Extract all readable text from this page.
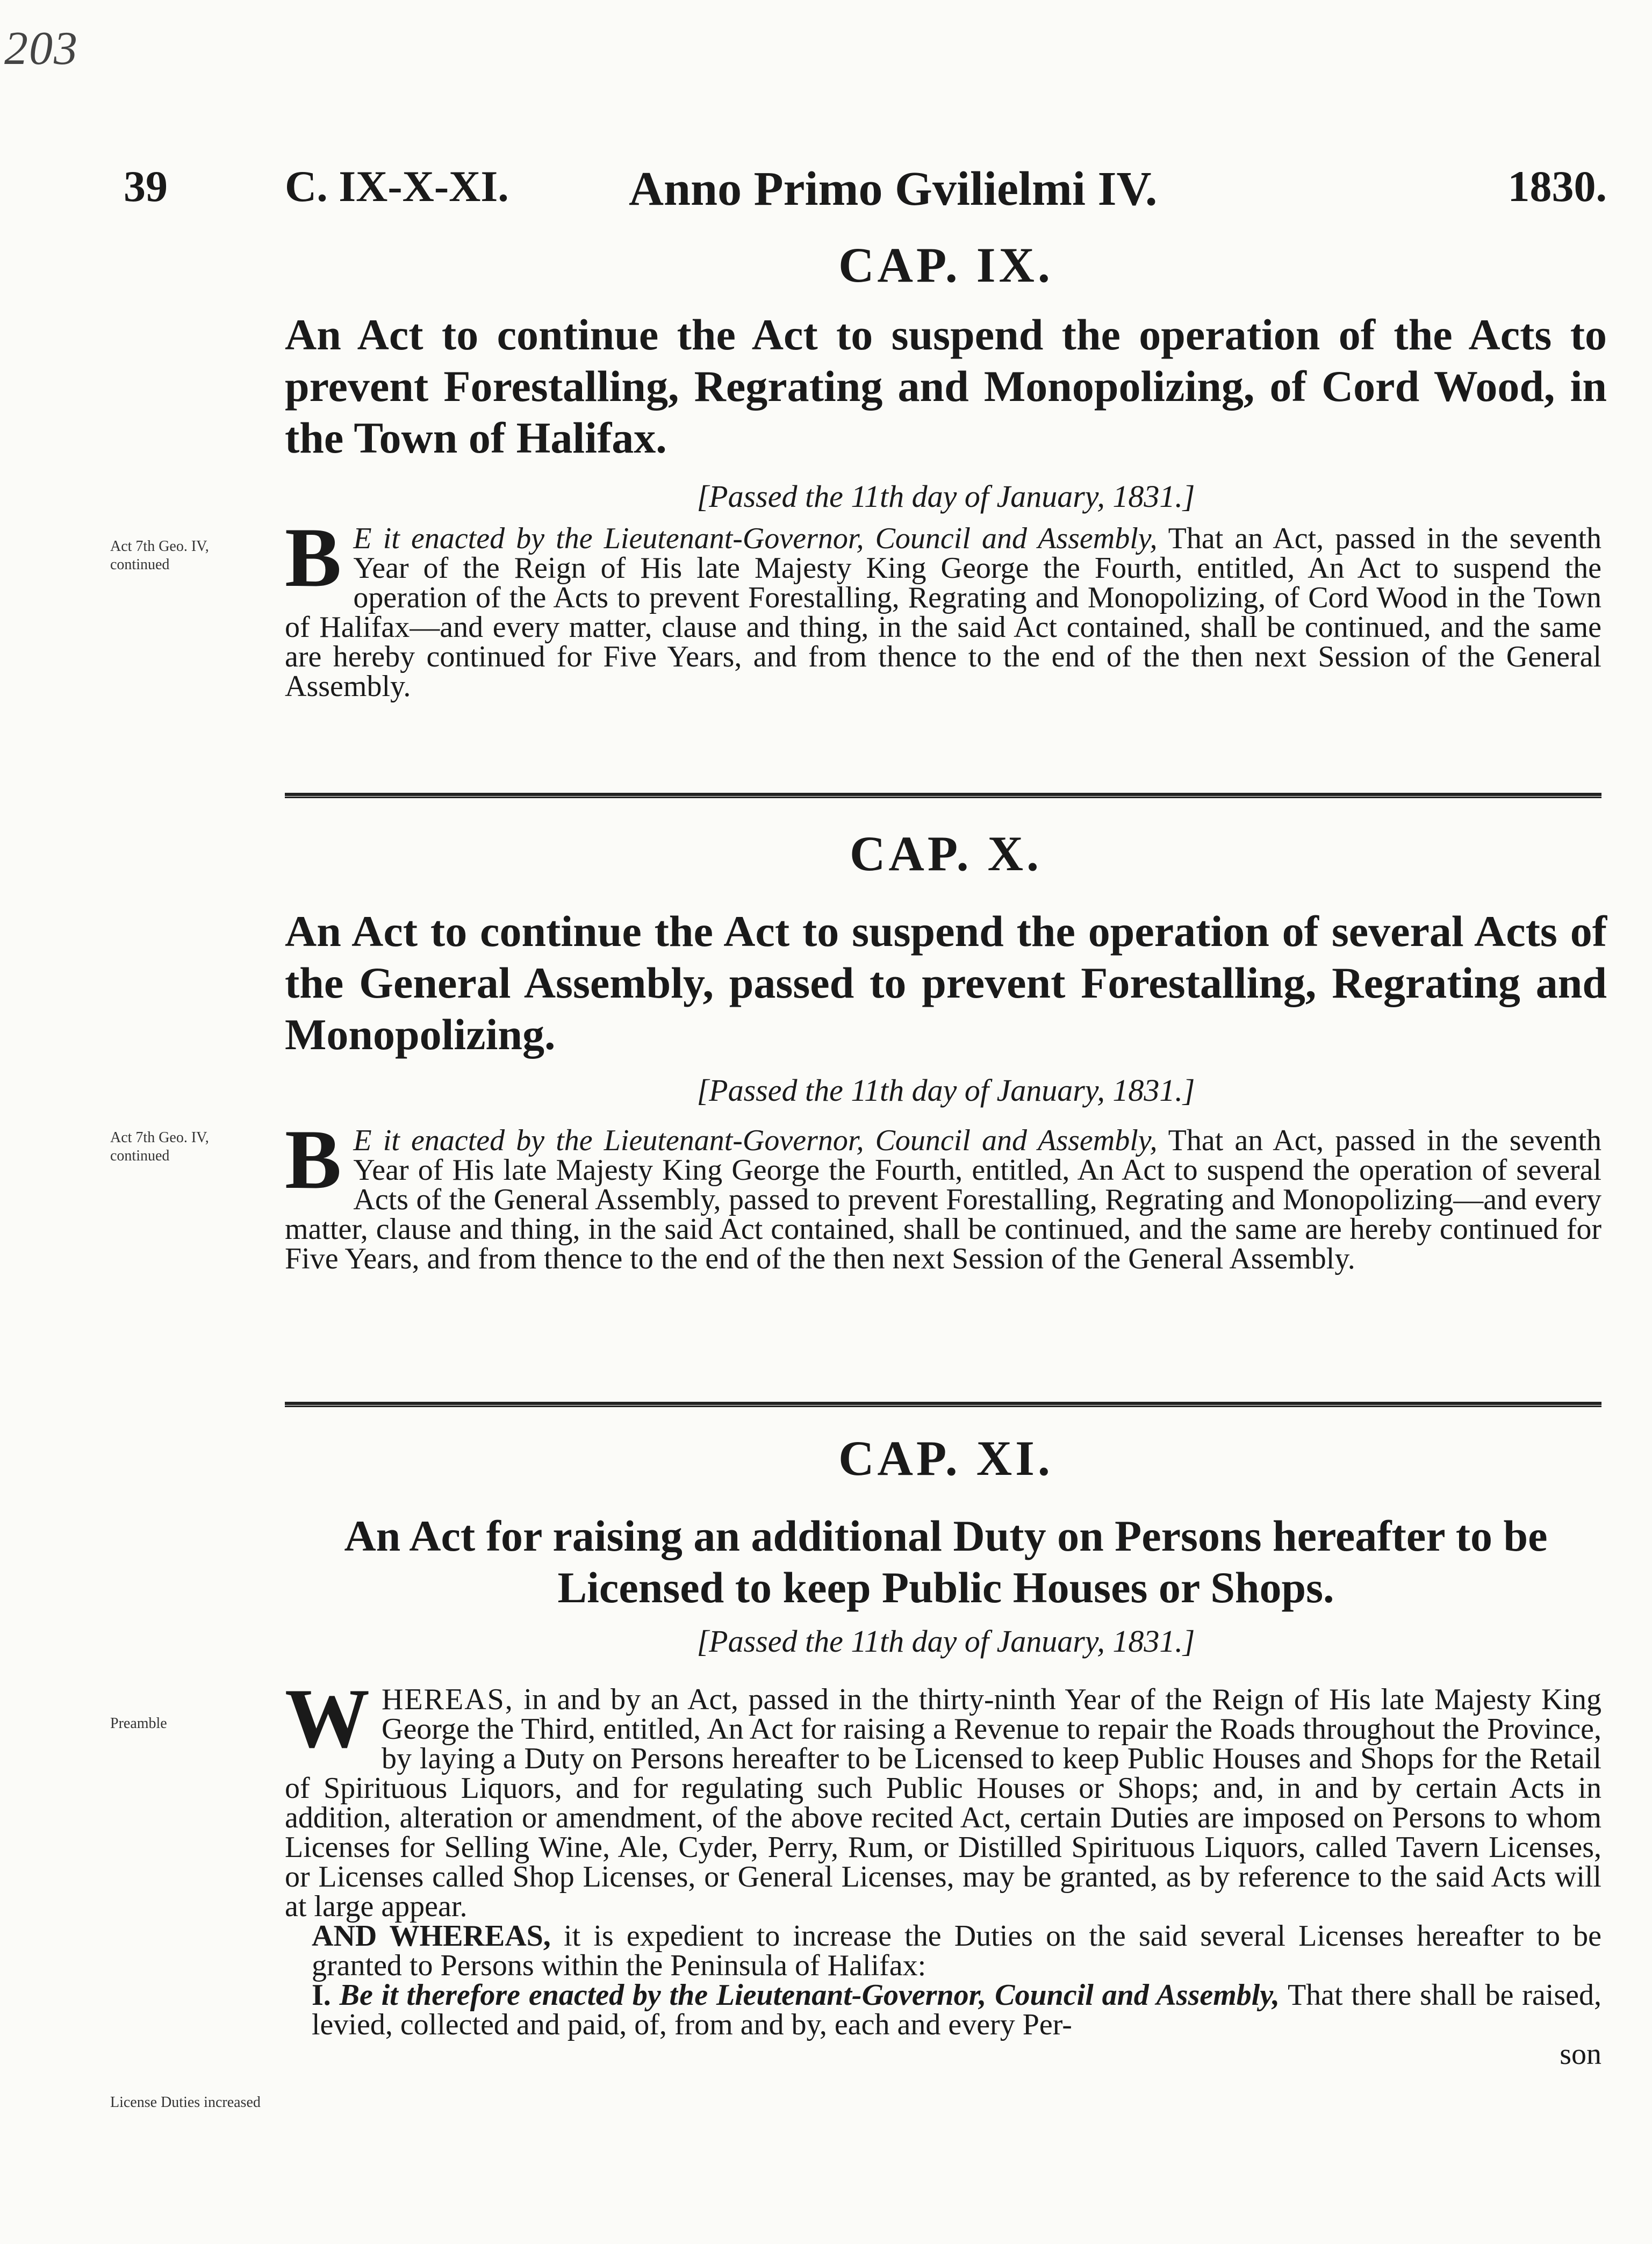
203
39	C. IX-X-XI. Anno Primo Gvilielmi IV.	1830.
CAP. IX.
An Act to continue the Act to suspend the operation of the Acts to prevent Forestalling, Regrating and Monopolizing, of Cord Wood, in the Town of Halifax.
[Passed the 11th day of January, 1831.]
Act 7th Geo. IV, continued	B E it enacted by the Lieutenant-Governor, Council and Assembly, That an Act, passed in the seventh Year of the Reign of His late Majesty King George the Fourth, entitled, An Act to suspend the operation of the Acts to prevent Forestalling, Regrating and Monopolizing, of Cord Wood in the Town of Halifax—and every matter, clause and thing, in the said Act contained, shall be continued, and the same are hereby continued for Five Years, and from thence to the end of the then next Session of the General Assembly.
CAP. X.
An Act to continue the Act to suspend the operation of several Acts of the General Assembly, passed to prevent Forestalling, Regrating and Monopolizing.
[Passed the 11th day of January, 1831.]
Act 7th Geo. IV, continued	B E it enacted by the Lieutenant-Governor, Council and Assembly, That an Act, passed in the seventh Year of His late Majesty King George the Fourth, entitled, An Act to suspend the operation of several Acts of the General Assembly, passed to prevent Forestalling, Regrating and Monopolizing—and every matter, clause and thing, in the said Act contained, shall be continued, and the same are hereby continued for Five Years, and from thence to the end of the then next Session of the General Assembly.
CAP. XI.
An Act for raising an additional Duty on Persons hereafter to be Licensed to keep Public Houses or Shops.
[Passed the 11th day of January, 1831.]
Preamble
License Duties increased
W HEREAS, in and by an Act, passed in the thirty-ninth Year of the Reign of His late Majesty King George the Third, entitled, An Act for raising a Revenue to repair the Roads throughout the Province, by laying a Duty on Persons hereafter to be Licensed to keep Public Houses and Shops for the Retail of Spirituous Liquors, and for regulating such Public Houses or Shops; and, in and by certain Acts in addition, alteration or amendment, of the above recited Act, certain Duties are imposed on Persons to whom Licenses for Selling Wine, Ale, Cyder, Perry, Rum, or Distilled Spirituous Liquors, called Tavern Licenses, or Licenses called Shop Licenses, or General Licenses, may be granted, as by reference to the said Acts will at large appear.
AND WHEREAS, it is expedient to increase the Duties on the said several Licenses hereafter to be granted to Persons within the Peninsula of Halifax:
I. Be it therefore enacted by the Lieutenant-Governor, Council and Assembly, That there shall be raised, levied, collected and paid, of, from and by, each and every Per-
son
